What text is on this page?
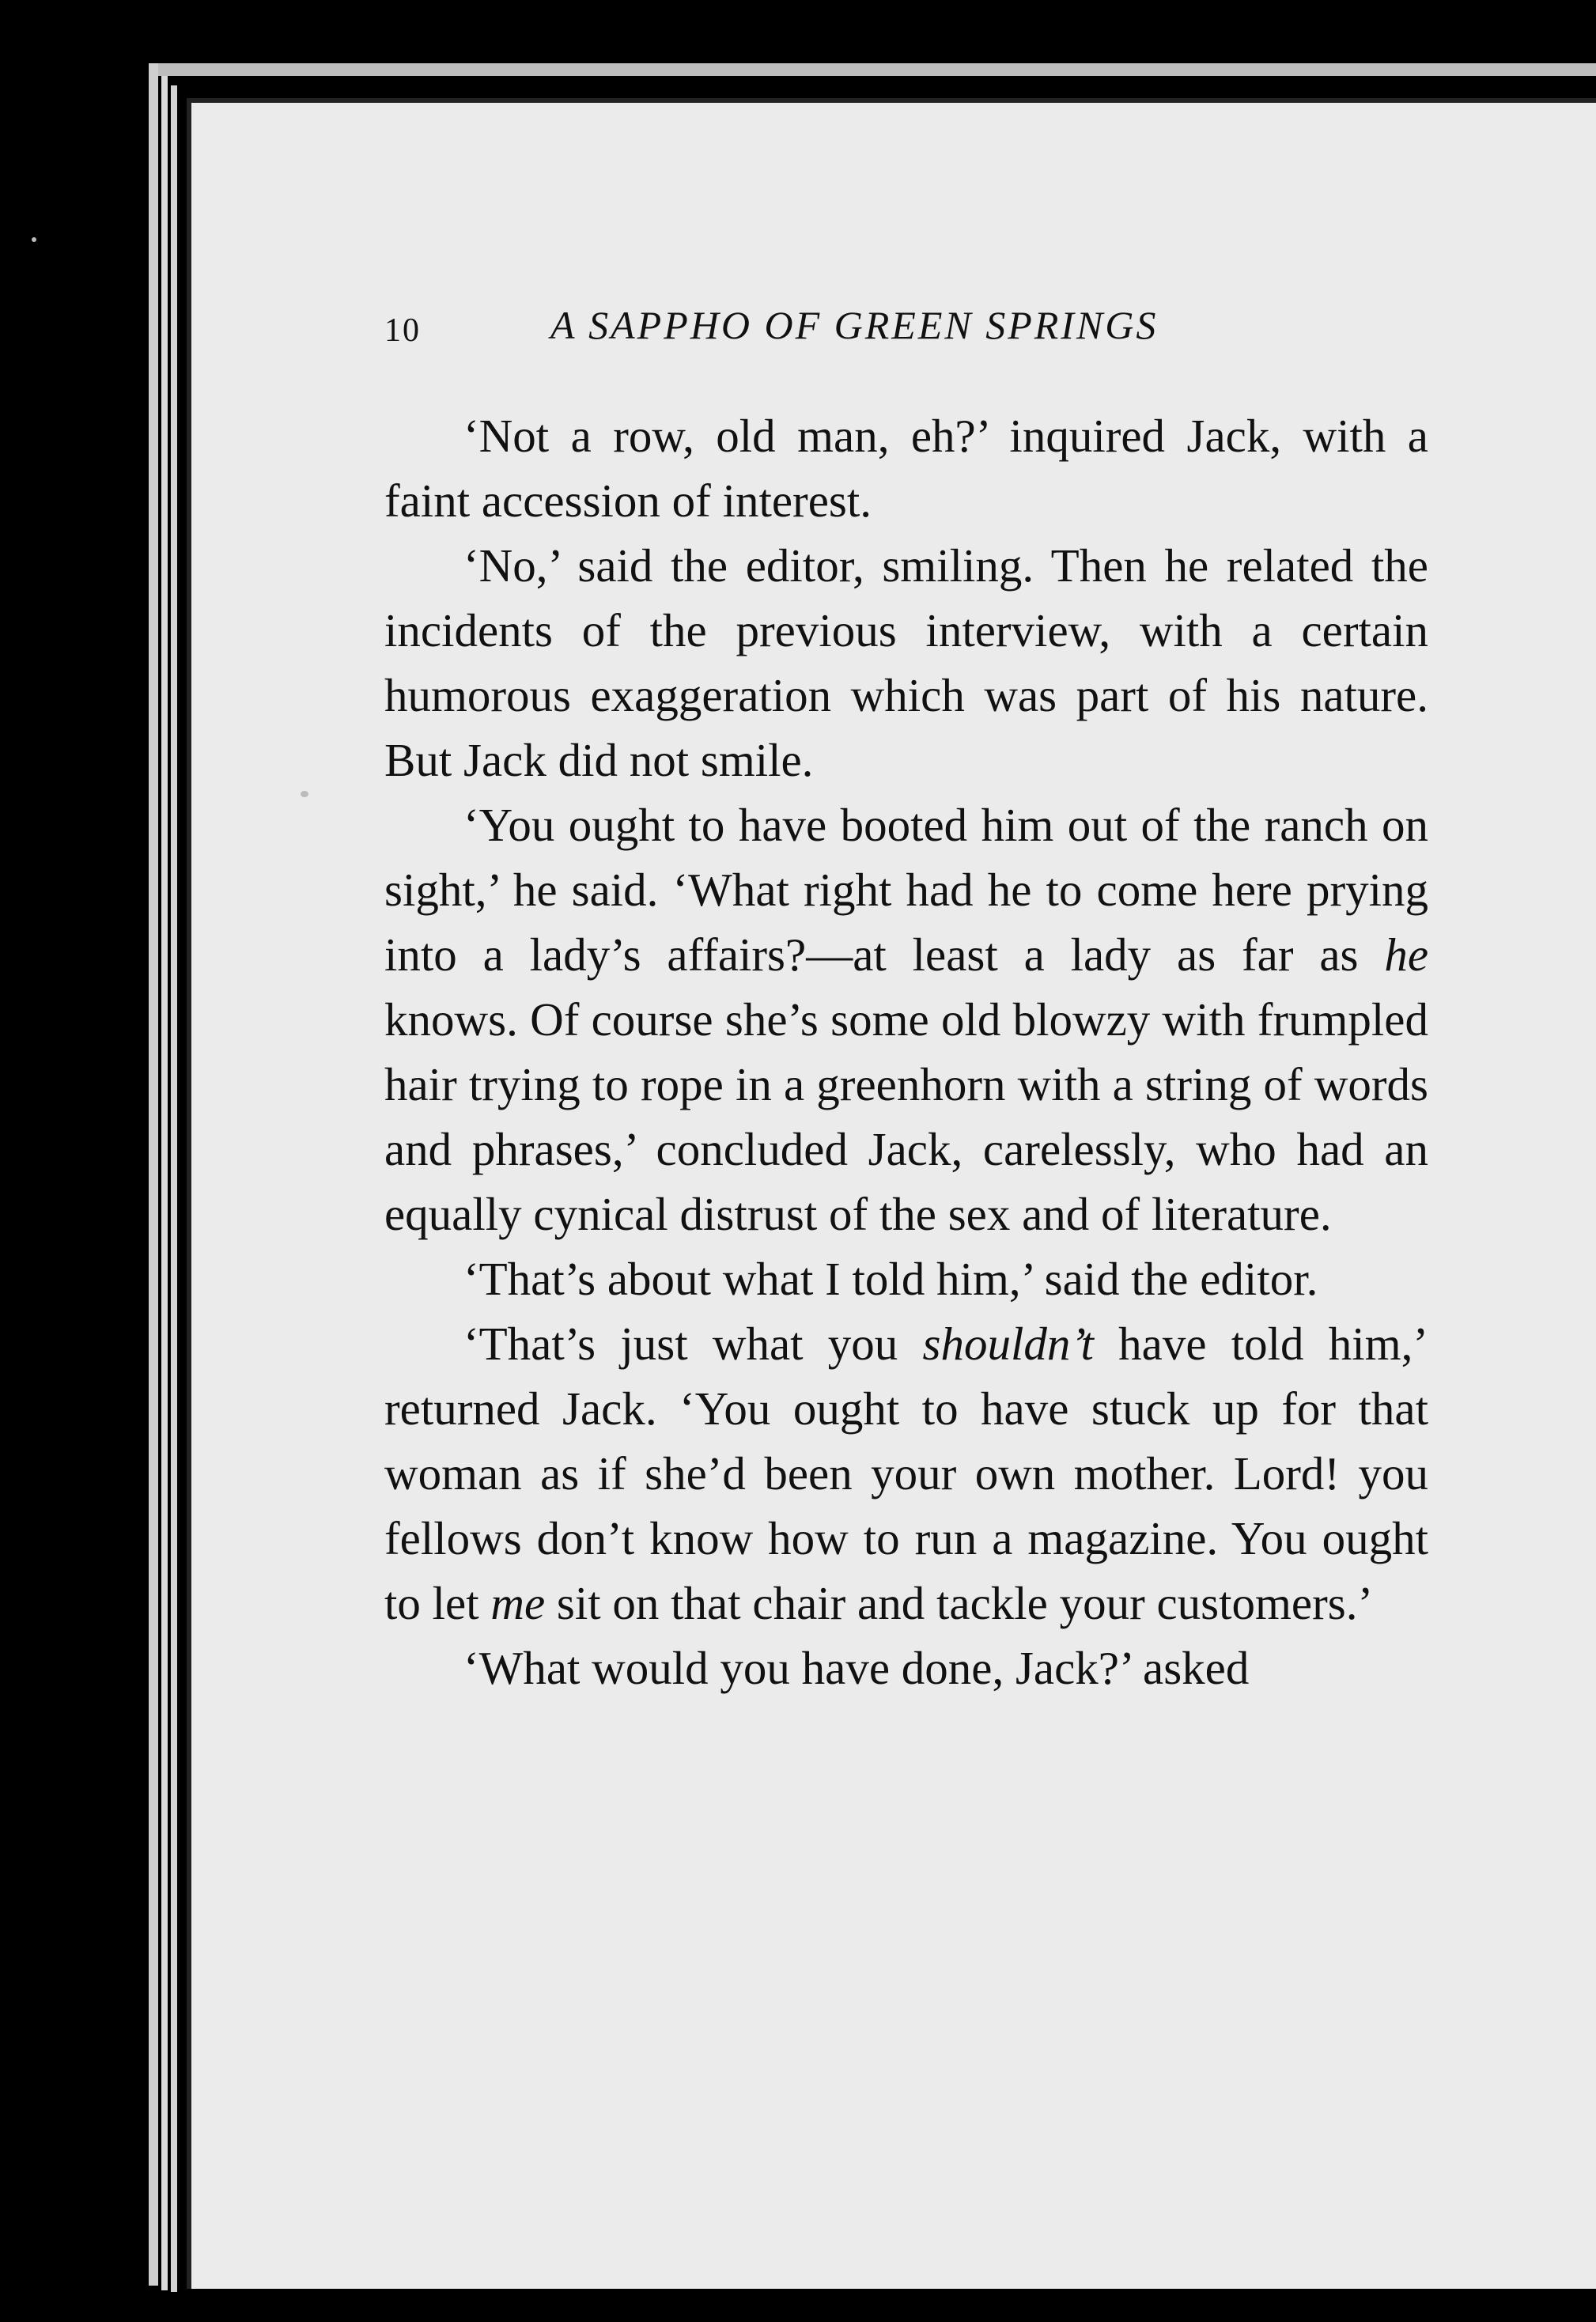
10	A SAPPHO OF GREEN SPRINGS

‘Not a row, old man, eh?’ inquired Jack, with a faint accession of interest.

‘No,’ said the editor, smiling. Then he related the incidents of the previous interview, with a certain humorous exaggeration which was part of his nature. But Jack did not smile.

‘You ought to have booted him out of the ranch on sight,’ he said. ‘What right had he to come here prying into a lady’s affairs?—at least a lady as far as he knows. Of course she’s some old blowzy with frumpled hair trying to rope in a greenhorn with a string of words and phrases,’ concluded Jack, carelessly, who had an equally cynical distrust of the sex and of literature.

‘That’s about what I told him,’ said the editor.

‘That’s just what you shouldn’t have told him,’ returned Jack. ‘You ought to have stuck up for that woman as if she’d been your own mother. Lord! you fellows don’t know how to run a magazine. You ought to let me sit on that chair and tackle your customers.’

‘What would you have done, Jack?’ asked
